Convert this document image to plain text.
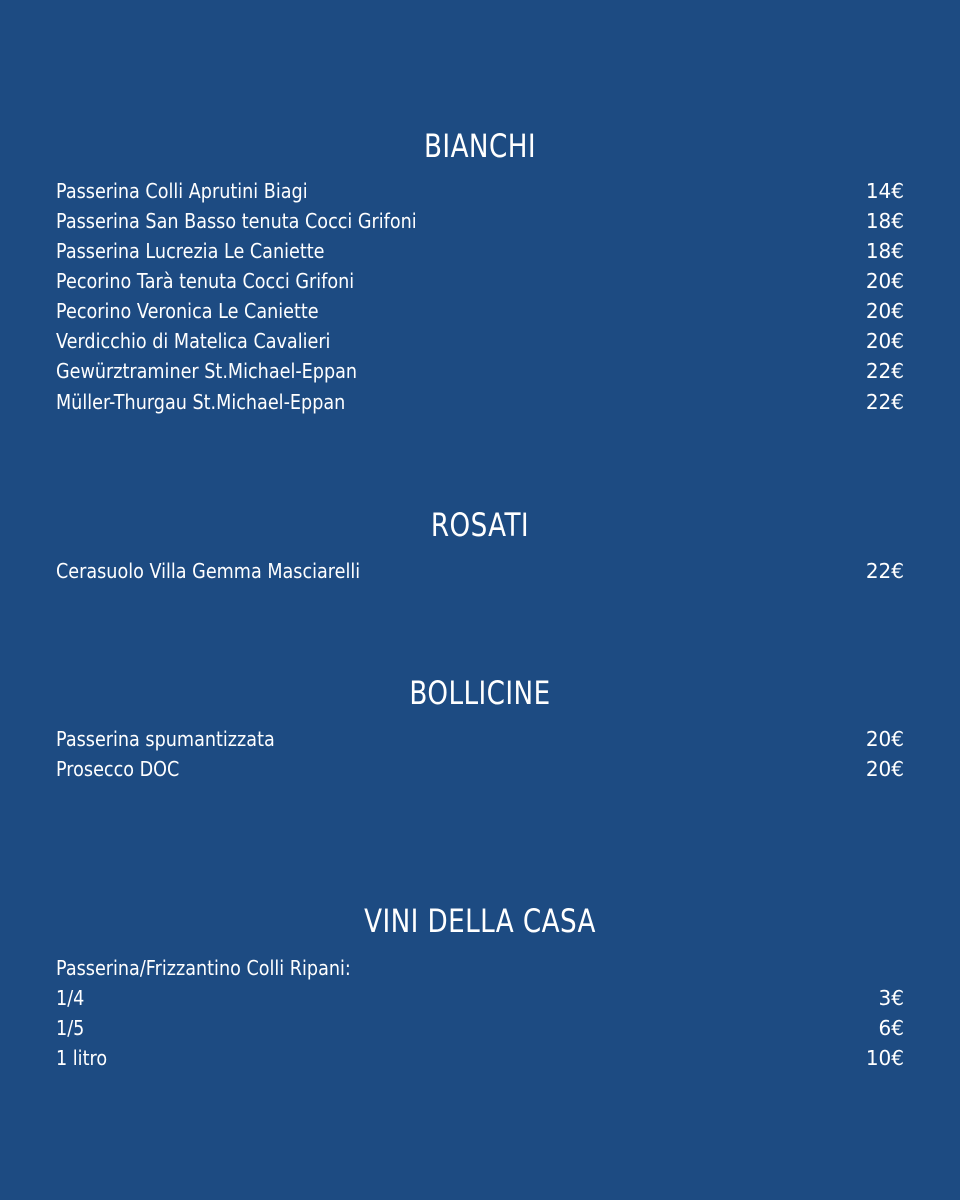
BIANCHI
Passerina Colli Aprutini Biagi	14€
Passerina San Basso tenuta Cocci Grifoni	18€
Passerina Lucrezia Le Caniette	18€
Pecorino Tarà tenuta Cocci Grifoni	20€
Pecorino Veronica Le Caniette	20€
Verdicchio di Matelica Cavalieri	20€
Gewürztraminer St.Michael-Eppan	22€
Müller-Thurgau St.Michael-Eppan	22€
ROSATI
Cerasuolo Villa Gemma Masciarelli	22€
BOLLICINE
Passerina spumantizzata	20€
Prosecco DOC	20€
VINI DELLA CASA
Passerina/Frizzantino Colli Ripani:
1/4	3€
1/5	6€
1 litro	10€
